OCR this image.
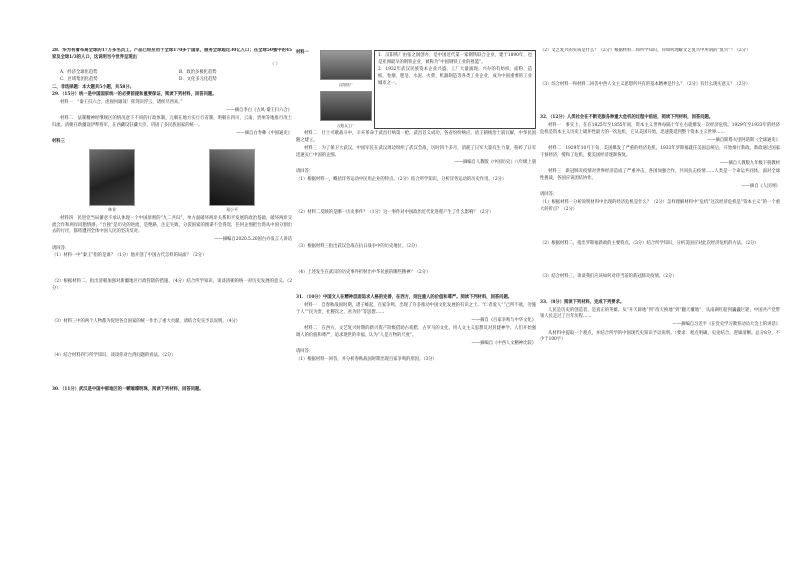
28．华为有着布局全球的17万多名员工，产品已经应用于全球170多个国家，服务全球超过30亿人口；在全球50强中的45家及全球1/3的人口，这说明当今世界呈现出

（ ）

A．经济全球化趋势	B．政治多极化趋势
C．区域集团化趋势	D．文化多元化趋势

二、非选择题：本大题共5小题，共58分。

29．（15分）统一是中国国家统一的必要前提和重要保证，阅读下列材料，回答问题。

材料一　“秦王扫六合，虎视何雄哉！挥剑决浮云，诸侯尽西来。”

——摘自李白《古风·秦王扫六合》

材料二　法制精神经继统区的情况意下不同的行政体制。元朝在地方实行行省制，明朝在四川、云南、贵州等地推行改土归流。清朝在新疆设伊犁将军，在西藏设驻藏大臣，巩固了多民族国家的统一。

——摘自白寿彝《中国通史》

材料三

林肯	邓小平

材料四　民进党当局蓄意不承认体现一个中国原则的“九二共识”，单方面破坏两岸关系和平发展的政治基础，破坏两岸交流合作和两岸同胞情感，“台独”是历史的逆流，是绝路，注定失败，分裂国家的图谋不会得逞，任何企图把台湾从中国分割出去的行径，都将遭到全体中国人民的坚决反对。

——摘编自2020.5.20国台办发言人讲话

请回答：

（1）材料一中“秦王”指的是谁？（1分）他开创了中国古代怎样的局面？（2分）

（2）根据材料二，指出清朝加强对新疆地区行政管辖的措施，（4分）结合所学知识，谈谈清朝的统一对历史发展的意义。（2分）

（3）材料三中的两个人物都为促进各自国家的统一作出了重大贡献，请结合史实予以说明。（4分）

（4）结合材料四与所学知识，谈谈你对台湾问题的看法。（2分）

30．（11分）武汉是中国中部地区的一颗璀璨明珠，阅读下列材料，回答问题。

材料一
汉阳铁厂
汉阳兵工厂

1．汉阳铁厂由张之洞创办，是中国近代第一家钢铁联合企业，建于1890年，也是亚洲最早的钢铁企业，被称为“中国钢铁工业的摇篮”。

2．1932年武汉民族资本企业兴盛，工厂大量涌现，兴办的有纺织、面粉、造纸、卷烟、肥皂、水泥、火柴、机器制造等各类工业企业，成为中国重要的工业城市之一。

材料二　壮士可歌战斗中，辛亥革命于武昌打响第一枪，武昌首义成功，各省纷纷响应，清王朝统治土崩瓦解，中华民国随之建立。

材料三　为了保卫大武汉，中国军民在武汉周边组织了武汉会战，历时四个多月，消耗了日军大量有生力量，粉碎了日军迅速灭亡中国的企图。

——摘编自人教版《中国历史》八年级上册

请回答：

（1）根据材料一，概括洋务运动中民用企业的特点。（2分）结合所学知识，分析洋务运动的历史作用。（2分）

（2）材料二反映的是哪一历史事件？（1分）这一事件对中国政治近代化进程产生了什么影响？（2分）

（3）根据材料三指出武汉会战在抗日战争中的历史地位。（2分）

（4）上述发生在武汉的历史事件折射出中华民族的哪些精神？（2分）

31．（10分）中国文人在精神层面追求人格的完善，在西方，则注重人的价值和尊严。阅读下列材料，回答问题。

材料一　自春秋战国时期，诸子蜂起，百家争鸣，出现了许多推动中国文化发展的有识之士。“仁者爱人”“己所不欲，勿施于人”“民为贵，社稷次之，君为轻”等思想……

——摘自《百家争鸣与中华文化》

材料二　在西方，文艺复兴时期的新兴资产阶级借助古希腊、古罗马的文化，用人文主义思想反对封建神学。人们开始强调人的价值和尊严，追求现世的幸福，认为“人是万物的尺度”。

——摘编自《中西人文精神比较》

请回答：

（1）根据材料一回答，并分析春秋战国时期出现百家争鸣的原因。（3分）

（2）文艺复兴的实质是什么？（2分）根据材料二和所学知识，你如何理解文艺复兴中所谓的“复兴”？（2分）

（3）综合材料一和材料二回答中西人文主义思想所共有的基本精神是什么？（2分）有什么现实意义？（2分）

32．（12分）人类社会在不断克服各种重大危机的过程中前进，阅读下列材料，回答问题。

材料一　事实上，在在1825年至1855年间，资本主义世界每隔十年左右就爆发一次经济危机。1929年至1933年的经济危机是资本主义历史上破坏性最大的一次危机，它从美国开始，迅速蔓延到整个资本主义世界……

——摘自斯塔夫里阿诺斯《全球通史》

材料二　1929年10月下旬，美国爆发了严重的经济危机。1933年罗斯福就任美国总统后，开始推行新政。新政通过国家干预经济，缓和了危机，使美国经济逐渐恢复。

——摘自人教版九年级下册教材

材料三　新冠肺炎疫情对世界经济造成了严重冲击，各国加强合作，共同抗击疫情……人类是一个命运共同体，面对全球性挑战，各国应该团结协作。

——摘自《人民网》

请回答：

（1）根据材料一分析说明材料中出现的经济危机是什么？（2分）怎样理解材料中“危机”这次经济危机是“资本主义”的一个重大转折点？（2分）

（2）根据材料二，指出罗斯福新政的主要特点。（3分）结合所学知识，分析美国应对此次经济危机的方法。（2分）

（3）结合材料三，谈谈我们应该如何对待当前的新冠肺炎疫情。（2分）

33．（8分）阅读下列材料，完成下列要求。

人民是历史的创造者，是真正的英雄。从“开天辟地”到“改天换地”到“翻天覆地”，从南湖红船到巍巍巨轮，中国共产党带领人民走过了百年历程……

——摘编自习近平《在党史学习教育动员大会上的讲话》

从材料中提取一个观点，并结合所学的中国现代史知识予以说明。（要求：观点明确，史论结合，逻辑清晰。总分8分，不少于100字）
